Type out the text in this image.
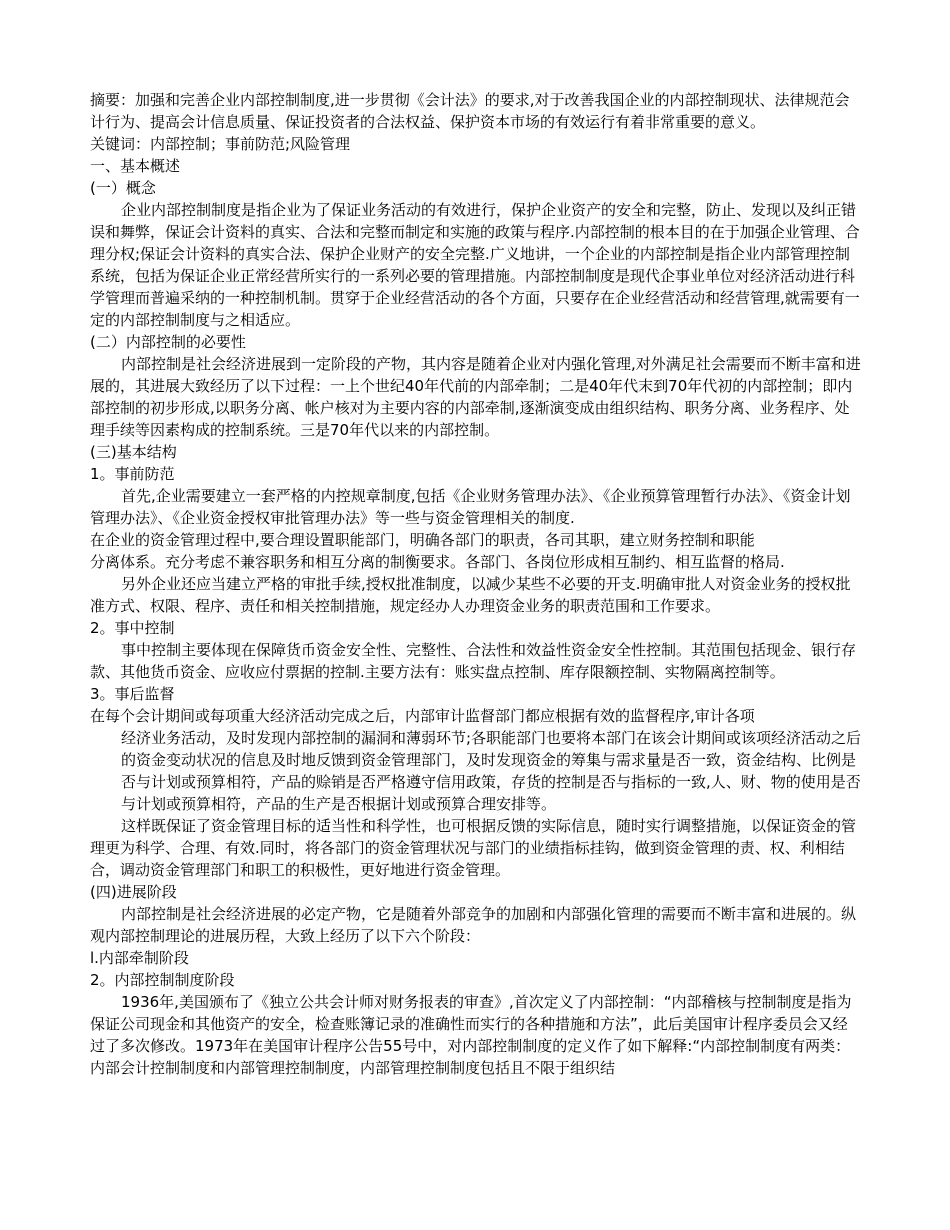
摘要：加强和完善企业内部控制制度,进一步贯彻《会计法》的要求,对于改善我国企业的内部控制现状、法律规范会计行为、提高会计信息质量、保证投资者的合法权益、保护资本市场的有效运行有着非常重要的意义。

关键词：内部控制；事前防范;风险管理

一、基本概述

(一）概念

企业内部控制制度是指企业为了保证业务活动的有效进行，保护企业资产的安全和完整，防止、发现以及纠正错误和舞弊，保证会计资料的真实、合法和完整而制定和实施的政策与程序.内部控制的根本目的在于加强企业管理、合理分权;保证会计资料的真实合法、保护企业财产的安全完整.广义地讲，一个企业的内部控制是指企业内部管理控制系统，包括为保证企业正常经营所实行的一系列必要的管理措施。内部控制制度是现代企事业单位对经济活动进行科学管理而普遍采纳的一种控制机制。贯穿于企业经营活动的各个方面，只要存在企业经营活动和经营管理,就需要有一定的内部控制制度与之相适应。

(二）内部控制的必要性

内部控制是社会经济进展到一定阶段的产物，其内容是随着企业对内强化管理,对外满足社会需要而不断丰富和进展的，其进展大致经历了以下过程：一上个世纪40年代前的内部牵制；二是40年代末到70年代初的内部控制；即内部控制的初步形成,以职务分离、帐户核对为主要内容的内部牵制,逐渐演变成由组织结构、职务分离、业务程序、处理手续等因素构成的控制系统。三是70年代以来的内部控制。

(三)基本结构

1。事前防范

首先,企业需要建立一套严格的内控规章制度,包括《企业财务管理办法》、《企业预算管理暂行办法》、《资金计划管理办法》、《企业资金授权审批管理办法》等一些与资金管理相关的制度.

在企业的资金管理过程中,要合理设置职能部门，明确各部门的职责，各司其职，建立财务控制和职能

分离体系。充分考虑不兼容职务和相互分离的制衡要求。各部门、各岗位形成相互制约、相互监督的格局.

另外企业还应当建立严格的审批手续,授权批准制度，以减少某些不必要的开支.明确审批人对资金业务的授权批准方式、权限、程序、责任和相关控制措施，规定经办人办理资金业务的职责范围和工作要求。

2。事中控制

事中控制主要体现在保障货币资金安全性、完整性、合法性和效益性资金安全性控制。其范围包括现金、银行存款、其他货币资金、应收应付票据的控制.主要方法有：账实盘点控制、库存限额控制、实物隔离控制等。

3。事后监督

在每个会计期间或每项重大经济活动完成之后，内部审计监督部门都应根据有效的监督程序,审计各项

经济业务活动，及时发现内部控制的漏洞和薄弱环节;各职能部门也要将本部门在该会计期间或该项经济活动之后的资金变动状况的信息及时地反馈到资金管理部门，及时发现资金的筹集与需求量是否一致，资金结构、比例是否与计划或预算相符，产品的赊销是否严格遵守信用政策，存货的控制是否与指标的一致,人、财、物的使用是否与计划或预算相符，产品的生产是否根据计划或预算合理安排等。

这样既保证了资金管理目标的适当性和科学性，也可根据反馈的实际信息，随时实行调整措施，以保证资金的管理更为科学、合理、有效.同时，将各部门的资金管理状况与部门的业绩指标挂钩，做到资金管理的责、权、利相结合，调动资金管理部门和职工的积极性，更好地进行资金管理。

(四)进展阶段

内部控制是社会经济进展的必定产物，它是随着外部竞争的加剧和内部强化管理的需要而不断丰富和进展的。纵观内部控制理论的进展历程，大致上经历了以下六个阶段：

l.内部牵制阶段

2。内部控制制度阶段

1936年,美国颁布了《独立公共会计师对财务报表的审查》,首次定义了内部控制：“内部稽核与控制制度是指为保证公司现金和其他资产的安全，检查账簿记录的准确性而实行的各种措施和方法”，此后美国审计程序委员会又经过了多次修改。1973年在美国审计程序公告55号中，对内部控制制度的定义作了如下解释:“内部控制制度有两类：内部会计控制制度和内部管理控制制度，内部管理控制制度包括且不限于组织结
